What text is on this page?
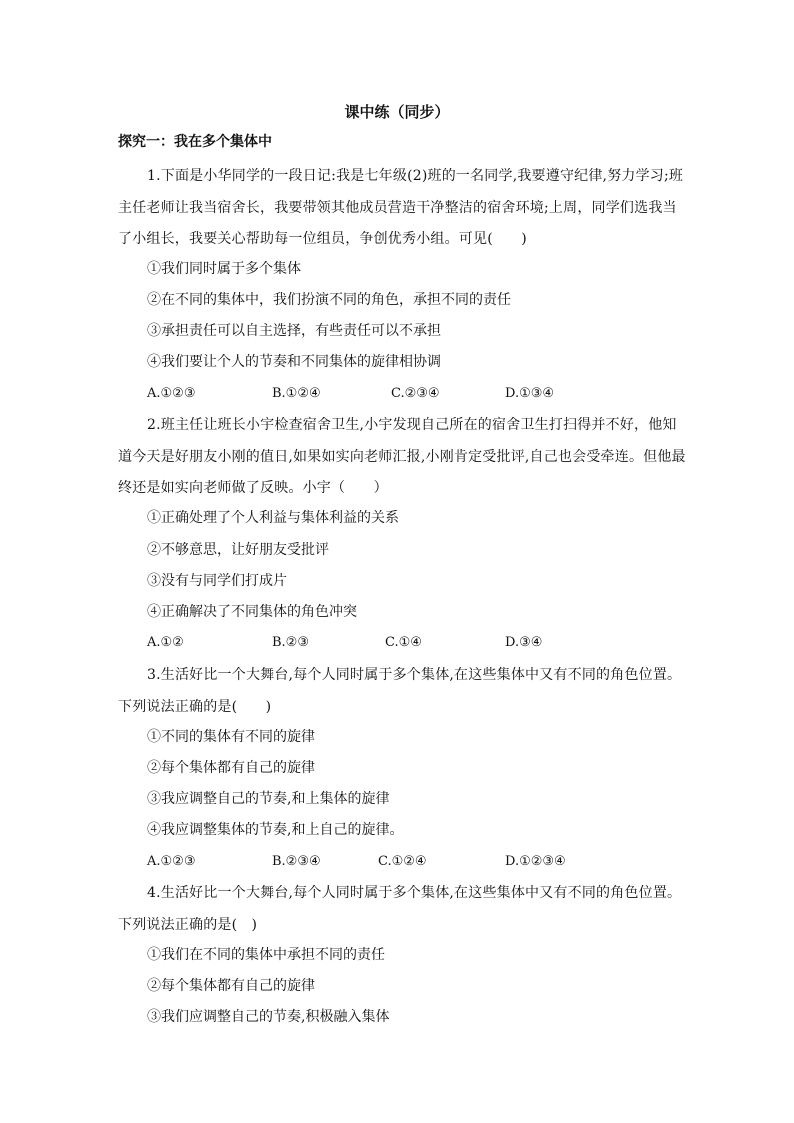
课中练（同步）
探究一：我在多个集体中
1.下面是小华同学的一段日记:我是七年级(2)班的一名同学,我要遵守纪律,努力学习;班主任老师让我当宿舍长，我要带领其他成员营造干净整洁的宿舍环境;上周，同学们选我当了小组长，我要关心帮助每一位组员，争创优秀小组。可见(　　)
①我们同时属于多个集体
②在不同的集体中，我们扮演不同的角色，承担不同的责任
③承担责任可以自主选择，有些责任可以不承担
④我们要让个人的节奏和不同集体的旋律相协调
A.①②③	B.①②④	C.②③④	D.①③④
2.班主任让班长小宇检查宿舍卫生,小宇发现自己所在的宿舍卫生打扫得并不好，他知道今天是好朋友小刚的值日,如果如实向老师汇报,小刚肯定受批评,自己也会受牵连。但他最终还是如实向老师做了反映。小宇（　　）
①正确处理了个人利益与集体利益的关系
②不够意思，让好朋友受批评
③没有与同学们打成片
④正确解决了不同集体的角色冲突
A.①②	B.②③	C.①④	D.③④
3.生活好比一个大舞台,每个人同时属于多个集体,在这些集体中又有不同的角色位置。下列说法正确的是(　　)
①不同的集体有不同的旋律
②每个集体都有自己的旋律
③我应调整自己的节奏,和上集体的旋律
④我应调整集体的节奏,和上自己的旋律。
A.①②③	B.②③④	C.①②④	D.①②③④
4.生活好比一个大舞台,每个人同时属于多个集体,在这些集体中又有不同的角色位置。下列说法正确的是(　)
①我们在不同的集体中承担不同的责任
②每个集体都有自己的旋律
③我们应调整自己的节奏,积极融入集体
